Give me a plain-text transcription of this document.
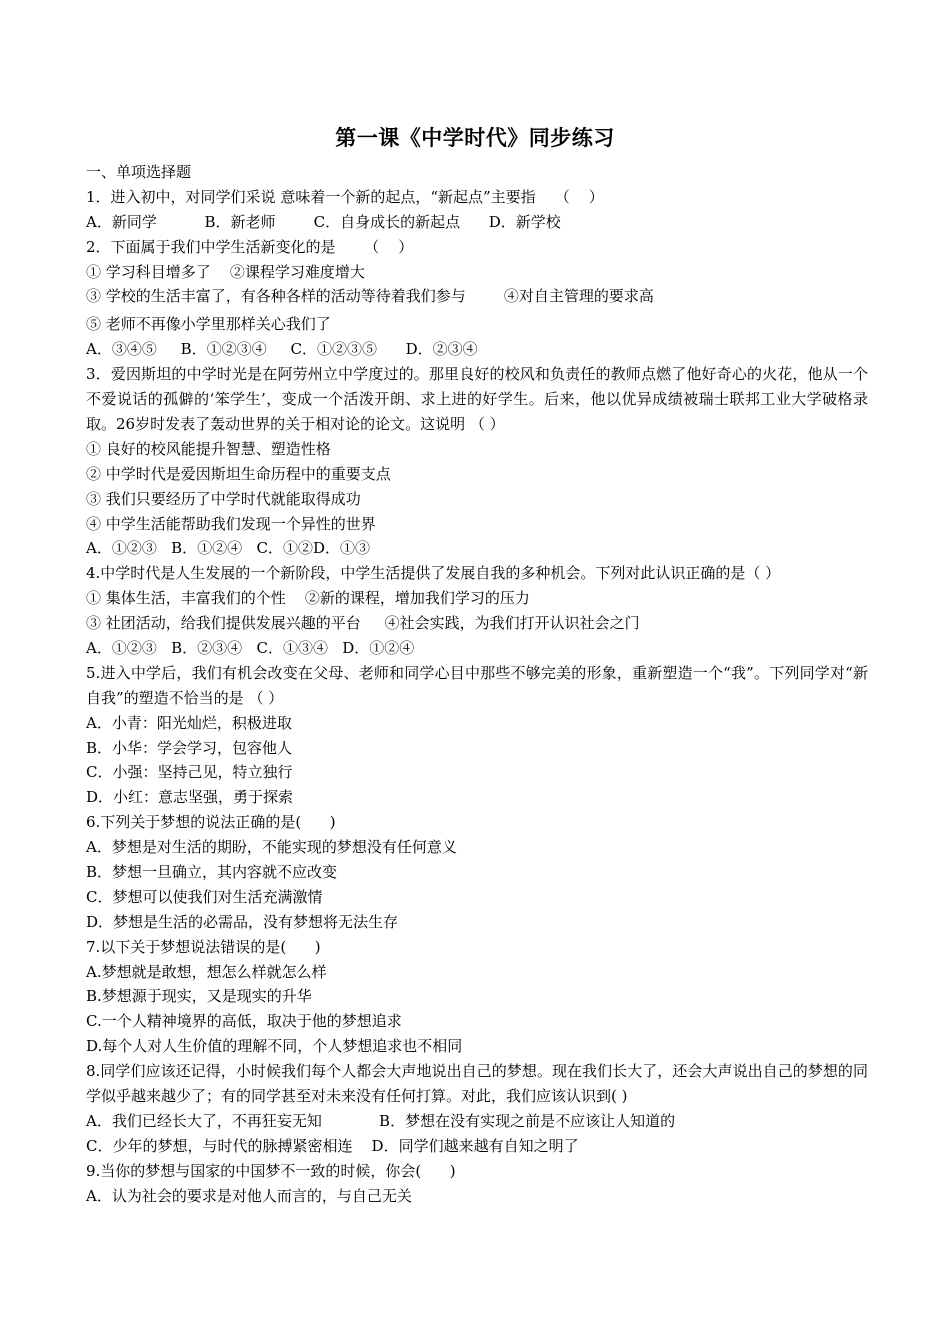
第一课《中学时代》同步练习
一、单项选择题
1．进入初中，对同学们采说 意味着一个新的起点，“新起点”主要指    （    ）
A．新同学          B．新老师        C．自身成长的新起点      D．新学校
2．下面属于我们中学生活新变化的是      （    ）
① 学习科目增多了    ②课程学习难度增大
③ 学校的生活丰富了，有各种各样的活动等待着我们参与        ④对自主管理的要求高
⑤ 老师不再像小学里那样关心我们了
A．③④⑤     B．①②③④     C．①②③⑤      D．②③④
3．爱因斯坦的中学时光是在阿劳州立中学度过的。那里良好的校风和负责任的教师点燃了他好奇心的火花，他从一个不爱说话的孤僻的‘笨学生’，变成一个活泼开朗、求上进的好学生。后来，他以优异成绩被瑞士联邦工业大学破格录取。26岁时发表了轰动世界的关于相对论的论文。这说明 （ ）
① 良好的校风能提升智慧、塑造性格
② 中学时代是爱因斯坦生命历程中的重要支点
③ 我们只要经历了中学时代就能取得成功
④ 中学生活能帮助我们发现一个异性的世界
A．①②③   B．①②④   C．①②D．①③
4.中学时代是人生发展的一个新阶段，中学生活提供了发展自我的多种机会。下列对此认识正确的是（ ）
① 集体生活，丰富我们的个性    ②新的课程，增加我们学习的压力
③ 社团活动，给我们提供发展兴趣的平台     ④社会实践，为我们打开认识社会之门
A．①②③   B．②③④   C．①③④   D．①②④
5.进入中学后，我们有机会改变在父母、老师和同学心目中那些不够完美的形象，重新塑造一个“我”。下列同学对“新自我”的塑造不恰当的是 （ ）
A．小青：阳光灿烂，积极进取
B．小华：学会学习，包容他人
C．小强：坚持己见，特立独行
D．小红：意志坚强，勇于探索
6.下列关于梦想的说法正确的是(      )
A．梦想是对生活的期盼，不能实现的梦想没有任何意义
B．梦想一旦确立，其内容就不应改变
C．梦想可以使我们对生活充满激情
D．梦想是生活的必需品，没有梦想将无法生存
7.以下关于梦想说法错误的是(      )
A.梦想就是敢想，想怎么样就怎么样
B.梦想源于现实，又是现实的升华
C.一个人精神境界的高低，取决于他的梦想追求
D.每个人对人生价值的理解不同，个人梦想追求也不相同
8.同学们应该还记得，小时候我们每个人都会大声地说出自己的梦想。现在我们长大了，还会大声说出自己的梦想的同学似乎越来越少了；有的同学甚至对未来没有任何打算。对此，我们应该认识到( )
A．我们已经长大了，不再狂妄无知            B．梦想在没有实现之前是不应该让人知道的
C．少年的梦想，与时代的脉搏紧密相连    D．同学们越来越有自知之明了
9.当你的梦想与国家的中国梦不一致的时候，你会(      )
A．认为社会的要求是对他人而言的，与自己无关
